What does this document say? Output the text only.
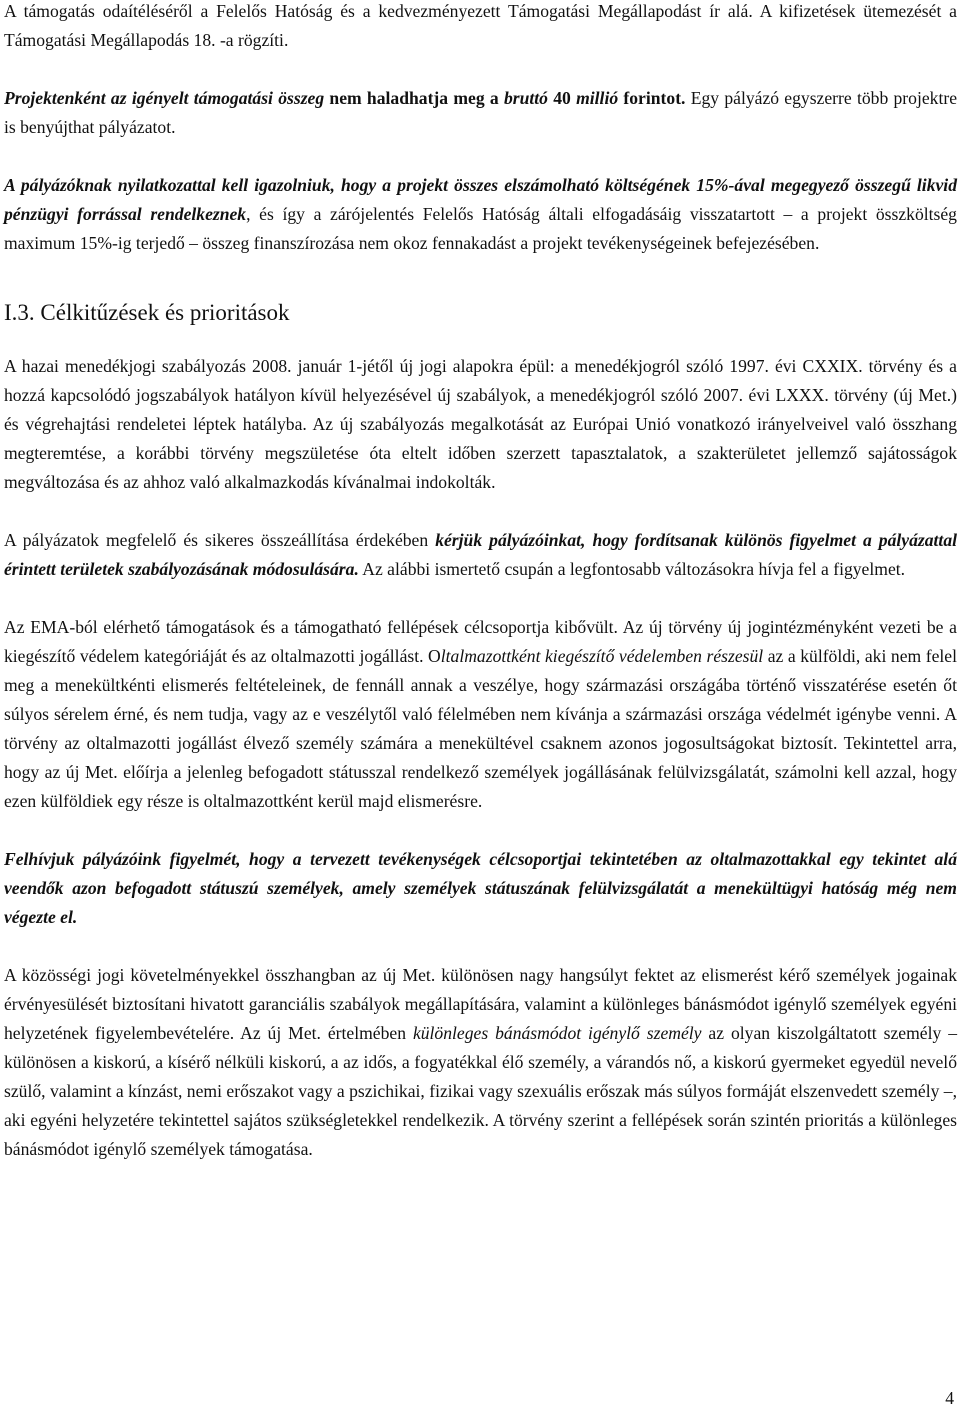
A támogatás odaítéléséről a Felelős Hatóság és a kedvezményezett Támogatási Megállapodást ír alá. A kifizetések ütemezését a Támogatási Megállapodás 18. -a rögzíti.

Projektenként az igényelt támogatási összeg nem haladhatja meg a bruttó 40 millió forintot. Egy pályázó egyszerre több projektre is benyújthat pályázatot.

A pályázóknak nyilatkozattal kell igazolniuk, hogy a projekt összes elszámolható költségének 15%-ával megegyező összegű likvid pénzügyi forrással rendelkeznek, és így a zárójelentés Felelős Hatóság általi elfogadásáig visszatartott – a projekt összköltség maximum 15%-ig terjedő – összeg finanszírozása nem okoz fennakadást a projekt tevékenységeinek befejezésében.

I.3. Célkitűzések és prioritások

A hazai menedékjogi szabályozás 2008. január 1-jétől új jogi alapokra épül: a menedékjogról szóló 1997. évi CXXIX. törvény és a hozzá kapcsolódó jogszabályok hatályon kívül helyezésével új szabályok, a menedékjogról szóló 2007. évi LXXX. törvény (új Met.) és végrehajtási rendeletei léptek hatályba. Az új szabályozás megalkotását az Európai Unió vonatkozó irányelveivel való összhang megteremtése, a korábbi törvény megszületése óta eltelt időben szerzett tapasztalatok, a szakterületet jellemző sajátosságok megváltozása és az ahhoz való alkalmazkodás kívánalmai indokolták.

A pályázatok megfelelő és sikeres összeállítása érdekében kérjük pályázóinkat, hogy fordítsanak különös figyelmet a pályázattal érintett területek szabályozásának módosulására. Az alábbi ismertető csupán a legfontosabb változásokra hívja fel a figyelmet.

Az EMA-ból elérhető támogatások és a támogatható fellépések célcsoportja kibővült. Az új törvény új jogintézményként vezeti be a kiegészítő védelem kategóriáját és az oltalmazotti jogállást. Oltalmazottként kiegészítő védelemben részesül az a külföldi, aki nem felel meg a menekültkénti elismerés feltételeinek, de fennáll annak a veszélye, hogy származási országába történő visszatérése esetén őt súlyos sérelem érné, és nem tudja, vagy az e veszélytől való félelmében nem kívánja a származási országa védelmét igénybe venni. A törvény az oltalmazotti jogállást élvező személy számára a menekültével csaknem azonos jogosultságokat biztosít. Tekintettel arra, hogy az új Met. előírja a jelenleg befogadott státusszal rendelkező személyek jogállásának felülvizsgálatát, számolni kell azzal, hogy ezen külföldiek egy része is oltalmazottként kerül majd elismerésre.

Felhívjuk pályázóink figyelmét, hogy a tervezett tevékenységek célcsoportjai tekintetében az oltalmazottakkal egy tekintet alá veendők azon befogadott státuszú személyek, amely személyek státuszának felülvizsgálatát a menekültügyi hatóság még nem végezte el.

A közösségi jogi követelményekkel összhangban az új Met. különösen nagy hangsúlyt fektet az elismerést kérő személyek jogainak érvényesülését biztosítani hivatott garanciális szabályok megállapítására, valamint a különleges bánásmódot igénylő személyek egyéni helyzetének figyelembevételére. Az új Met. értelmében különleges bánásmódot igénylő személy az olyan kiszolgáltatott személy – különösen a kiskorú, a kísérő nélküli kiskorú, a az idős, a fogyatékkal élő személy, a várandós nő, a kiskorú gyermeket egyedül nevelő szülő, valamint a kínzást, nemi erőszakot vagy a pszichikai, fizikai vagy szexuális erőszak más súlyos formáját elszenvedett személy –, aki egyéni helyzetére tekintettel sajátos szükségletekkel rendelkezik. A törvény szerint a fellépések során szintén prioritás a különleges bánásmódot igénylő személyek támogatása.

4
